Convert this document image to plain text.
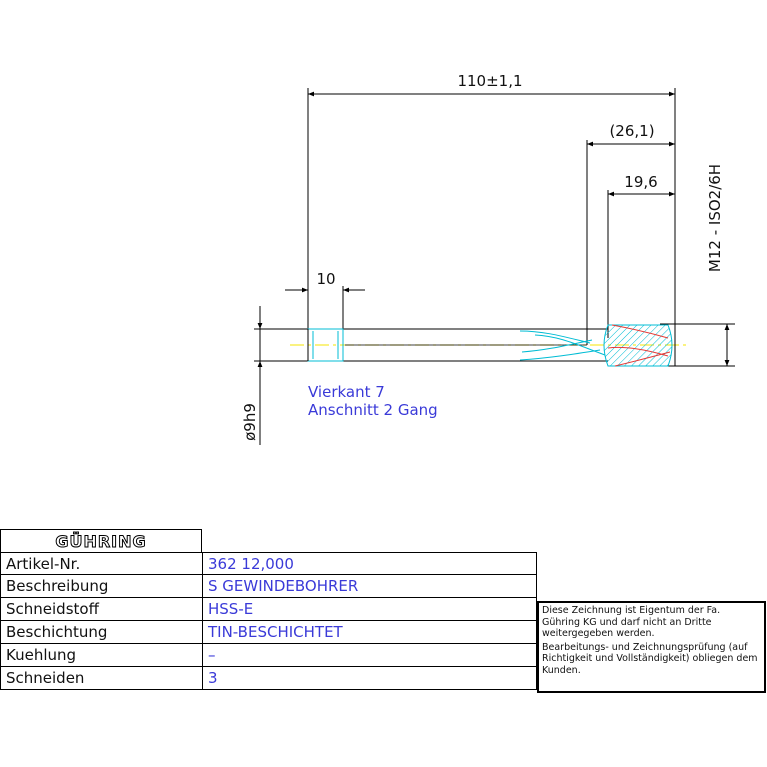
110±1,1
(26,1)
19,6
10
M12 - ISO2/6H
ø9h9
Vierkant 7
Anschnitt 2 Gang
GÜHRING
Artikel-Nr.	362 12,000
Beschreibung	S GEWINDEBOHRER
Schneidstoff	HSS-E
Beschichtung	TIN-BESCHICHTET
Kuehlung	–
Schneiden	3

Diese Zeichnung ist Eigentum der Fa. Gühring KG und darf nicht an Dritte weitergegeben werden.

Bearbeitungs- und Zeichnungsprüfung (auf Richtigkeit und Vollständigkeit) obliegen dem Kunden.
